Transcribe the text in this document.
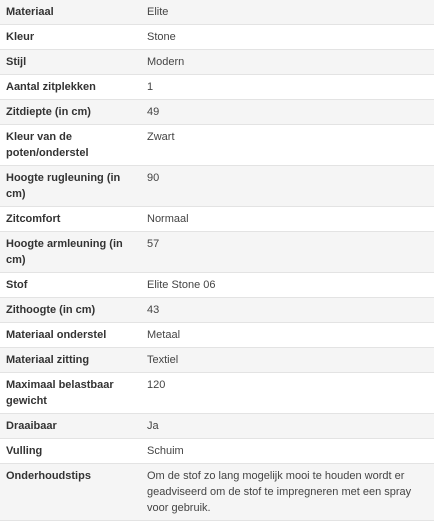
Materiaal	Elite
Kleur	Stone
Stijl	Modern
Aantal zitplekken	1
Zitdiepte (in cm)	49
Kleur van de poten/onderstel	Zwart
Hoogte rugleuning (in cm)	90
Zitcomfort	Normaal
Hoogte armleuning (in cm)	57
Stof	Elite Stone 06
Zithoogte (in cm)	43
Materiaal onderstel	Metaal
Materiaal zitting	Textiel
Maximaal belastbaar gewicht	120
Draaibaar	Ja
Vulling	Schuim
Onderhoudstips	Om de stof zo lang mogelijk mooi te houden wordt er geadviseerd om de stof te impregneren met een spray voor gebruik.
